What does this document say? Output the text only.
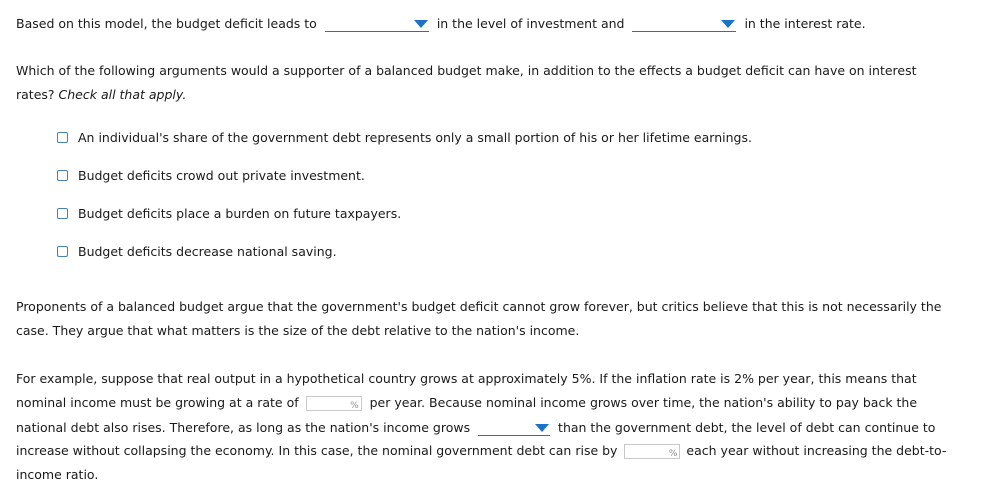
Based on this model, the budget deficit leads to	in the level of investment and	in the interest rate.
Which of the following arguments would a supporter of a balanced budget make, in addition to the effects a budget deficit can have on interest
rates? Check all that apply.
An individual's share of the government debt represents only a small portion of his or her lifetime earnings.
Budget deficits crowd out private investment.
Budget deficits place a burden on future taxpayers.
Budget deficits decrease national saving.
Proponents of a balanced budget argue that the government's budget deficit cannot grow forever, but critics believe that this is not necessarily the
case. They argue that what matters is the size of the debt relative to the nation's income.
For example, suppose that real output in a hypothetical country grows at approximately 5%. If the inflation rate is 2% per year, this means that
nominal income must be growing at a rate of	% per year. Because nominal income grows over time, the nation's ability to pay back the
national debt also rises. Therefore, as long as the nation's income grows	than the government debt, the level of debt can continue to
increase without collapsing the economy. In this case, the nominal government debt can rise by	% each year without increasing the debt-to-
income ratio.
